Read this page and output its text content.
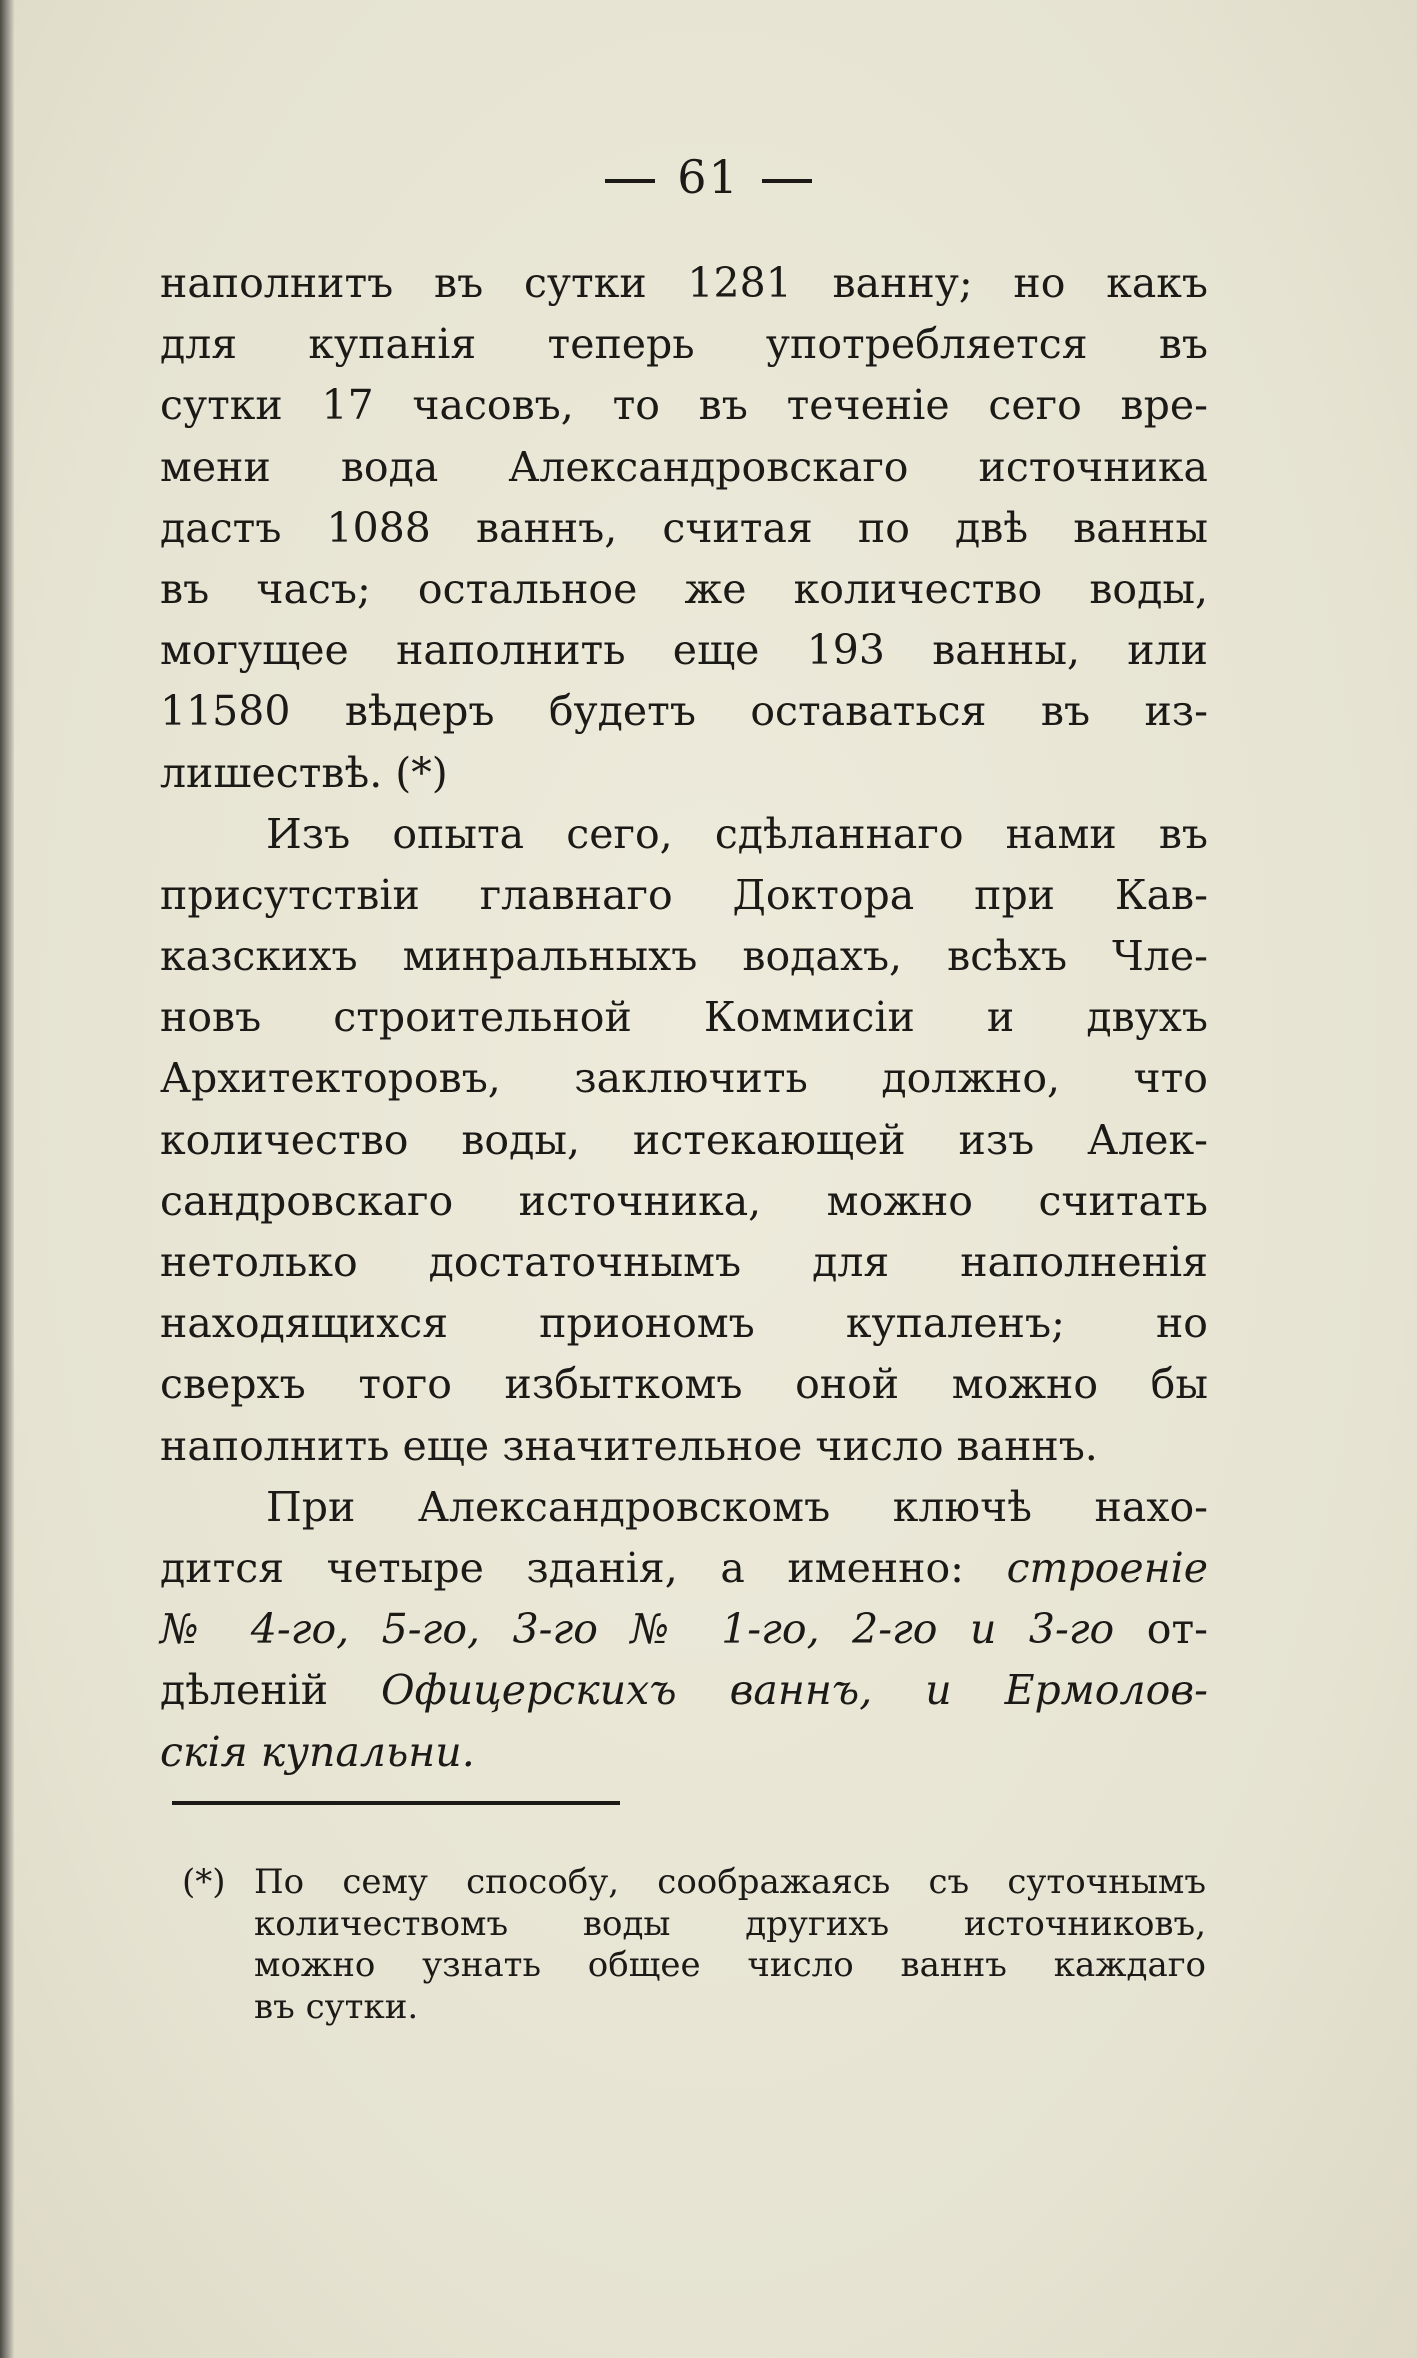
61
наполнитъ въ сутки 1281 ванну; но какъ
для купанія теперь употребляется въ
сутки 17 часовъ, то въ теченіе сего вре-
мени вода Александровскаго источника
дастъ 1088 ваннъ, считая по двѣ ванны
въ часъ; остальное же количество воды,
могущее наполнить еще 193 ванны, или
11580 вѣдеръ будетъ оставаться въ из-
лишествѣ. (*)
Изъ опыта сего, сдѣланнаго нами въ
присутствіи главнаго Доктора при Кав-
казскихъ минральныхъ водахъ, всѣхъ Чле-
новъ строительной Коммисіи и двухъ
Архитекторовъ, заключить должно, что
количество воды, истекающей изъ Алек-
сандровскаго источника, можно считать
нетолько достаточнымъ для наполненія
находящихся приономъ купаленъ; но
сверхъ того избыткомъ оной можно бы
наполнить еще значительное число ваннъ.
При Александровскомъ ключѣ нахо-
дится четыре зданія, а именно: строеніе
№ 4-го, 5-го, 3-го № 1-го, 2-го и 3-го от-
дѣленій Офицерскихъ ваннъ, и Ермолов-
скія купальни.
(*) По сему способу, соображаясь съ суточнымъ
количествомъ воды другихъ источниковъ,
можно узнать общее число ваннъ каждаго
въ сутки.
